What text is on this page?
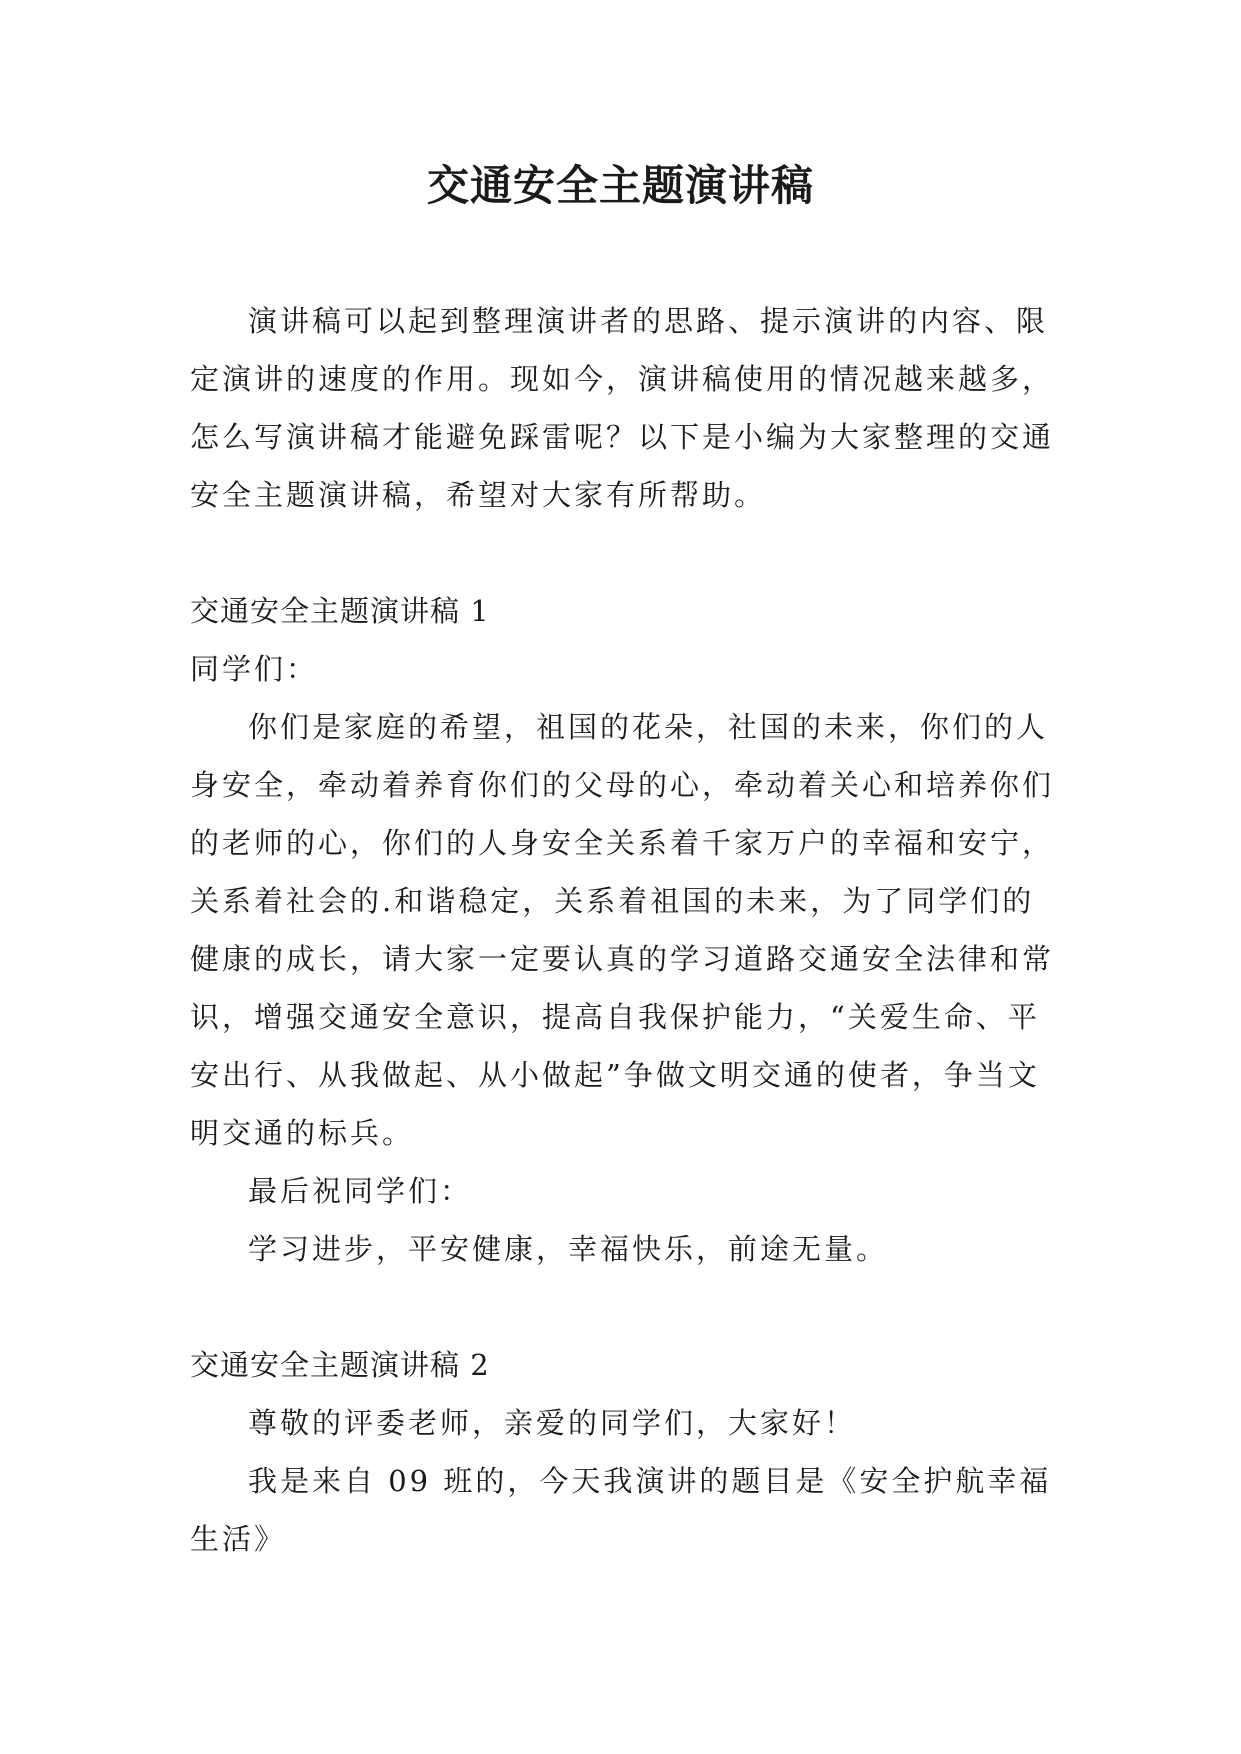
交通安全主题演讲稿

演讲稿可以起到整理演讲者的思路、提示演讲的内容、限定演讲的速度的作用。现如今，演讲稿使用的情况越来越多，怎么写演讲稿才能避免踩雷呢？以下是小编为大家整理的交通安全主题演讲稿，希望对大家有所帮助。

交通安全主题演讲稿 1

同学们：

你们是家庭的希望，祖国的花朵，社国的未来，你们的人身安全，牵动着养育你们的父母的心，牵动着关心和培养你们的老师的心，你们的人身安全关系着千家万户的幸福和安宁，关系着社会的.和谐稳定，关系着祖国的未来，为了同学们的健康的成长，请大家一定要认真的学习道路交通安全法律和常识，增强交通安全意识，提高自我保护能力，“关爱生命、平安出行、从我做起、从小做起”争做文明交通的使者，争当文明交通的标兵。

最后祝同学们：

学习进步，平安健康，幸福快乐，前途无量。

交通安全主题演讲稿 2

尊敬的评委老师，亲爱的同学们，大家好！

我是来自 09 班的，今天我演讲的题目是《安全护航幸福生活》
